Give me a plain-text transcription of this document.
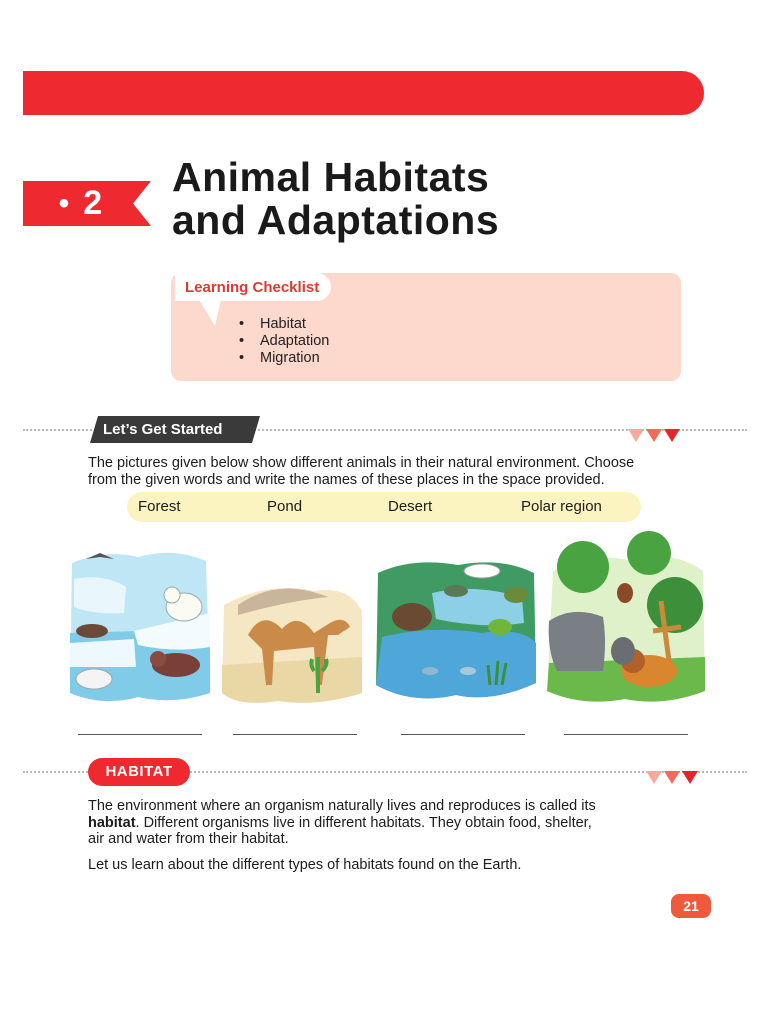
• 2
Animal Habitats
and Adaptations
Learning Checklist
• Habitat
• Adaptation
• Migration
Let’s Get Started
The pictures given below show different animals in their natural environment. Choose
from the given words and write the names of these places in the space provided.
Forest	Pond	Desert	Polar region
HABITAT
The environment where an organism naturally lives and reproduces is called its
habitat. Different organisms live in different habitats. They obtain food, shelter,
air and water from their habitat.
Let us learn about the different types of habitats found on the Earth.
21
